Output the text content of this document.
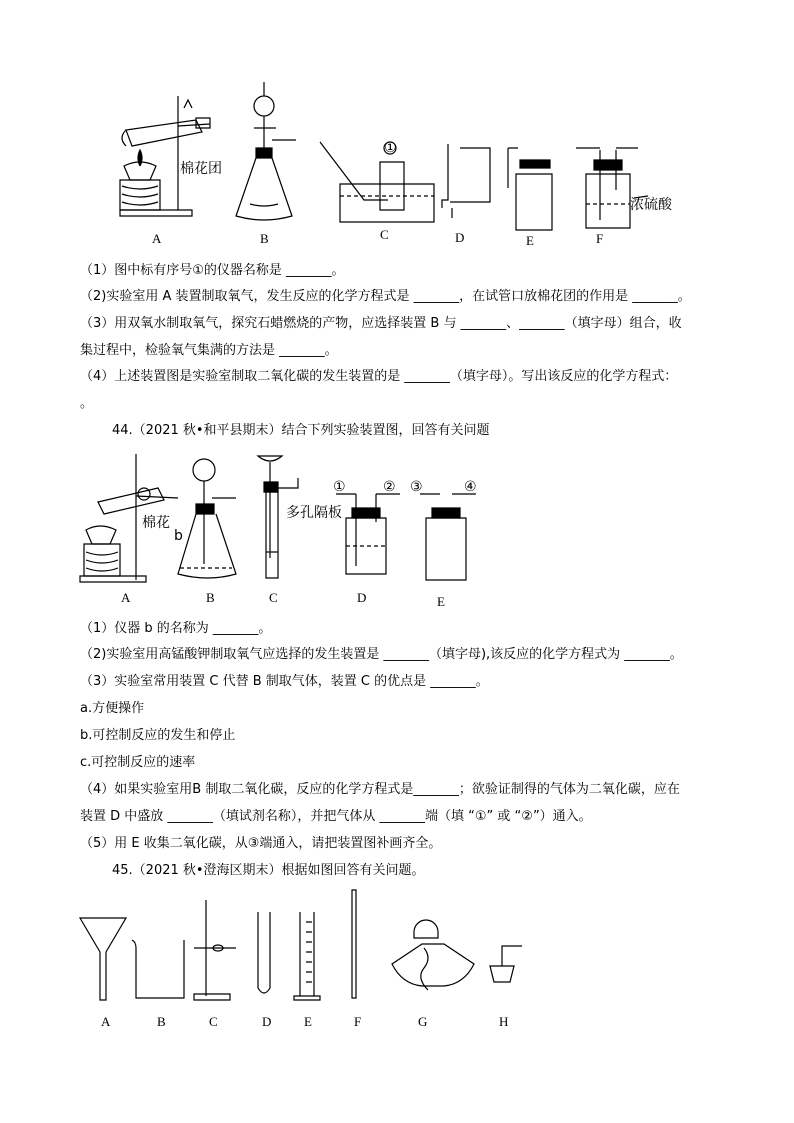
A	B	C	D	E	F
棉花团
①
浓硫酸
（1）图中标有序号①的仪器名称是 _______。
（2)实验室用 A 装置制取氧气，发生反应的化学方程式是 _______，在试管口放棉花团的作用是 _______。
（3）用双氧水制取氧气，探究石蜡燃烧的产物，应选择装置 B 与 _______、_______（填字母）组合，收
集过程中，检验氧气集满的方法是 _______。
（4）上述装置图是实验室制取二氧化碳的发生装置的是 _______（填字母）。写出该反应的化学方程式：
。
44.（2021 秋•和平县期末）结合下列实验装置图，回答有关问题
A	B	C	D	E
棉花
b
多孔隔板
①	② ③	④
（1）仪器 b 的名称为 _______。
（2)实验室用高锰酸钾制取氧气应选择的发生装置是 _______（填字母),该反应的化学方程式为 _______。
（3）实验室常用装置 C 代替 B 制取气体，装置 C 的优点是 _______。
a.方便操作
b.可控制反应的发生和停止
c.可控制反应的速率
（4）如果实验室用B 制取二氧化碳，反应的化学方程式是_______；欲验证制得的气体为二氧化碳，应在
装置 D 中盛放 _______（填试剂名称），并把气体从 _______端（填 “①” 或 “②”）通入。
（5）用 E 收集二氧化碳，从③端通入，请把装置图补画齐全。
45.（2021 秋•澄海区期末）根据如图回答有关问题。
A	B	C	D	E	F	G	H
